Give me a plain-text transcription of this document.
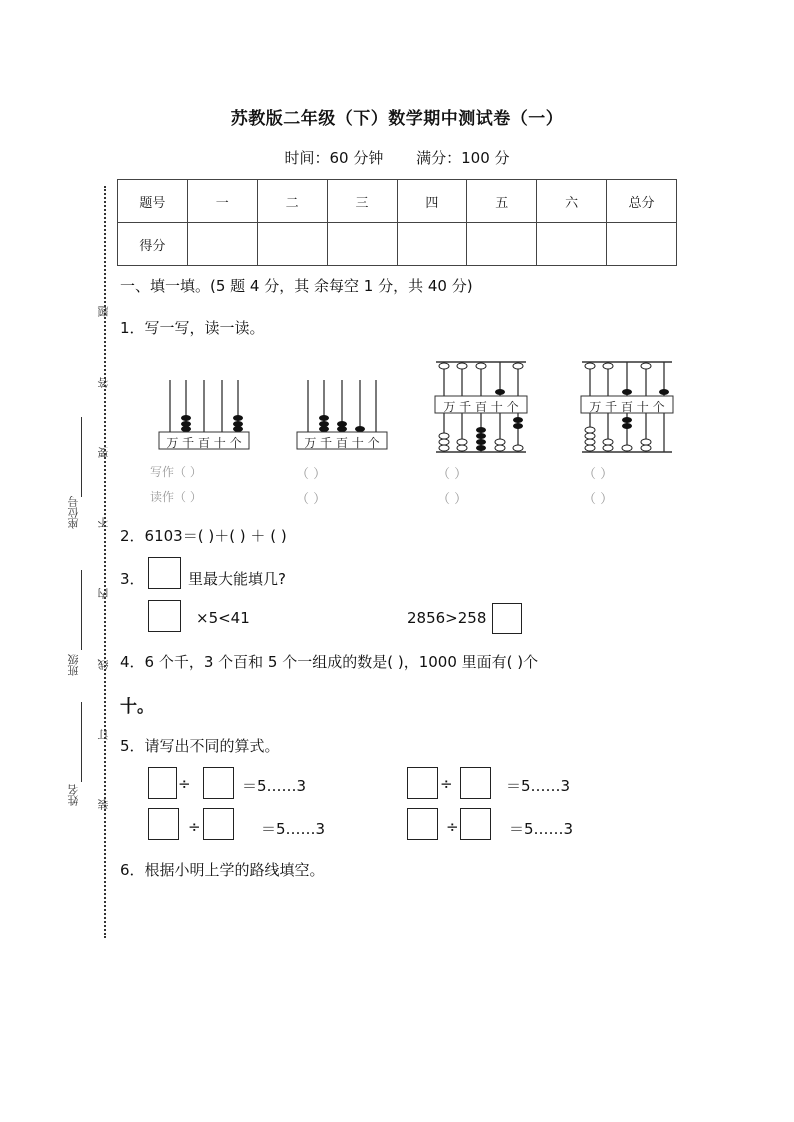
题
答
要
不
内
线
订
装
座位号
班级
姓名
苏教版二年级（下）数学期中测试卷（一）
时间：60 分钟 满分：100 分
题号	一	二	三	四	五	六	总分
得分							
一、填一填。(5 题 4 分，其 余每空 1 分，共 40 分)
1．写一写，读一读。
万 千 百 十 个	万 千 百 十 个
万 千 百 十 个	万 千 百 十 个
写作（ ）
读作（ ）
（ ）
（ ）
（ ）
（ ）
（ ）
（ ）
2．6103＝( )＋( ) ＋ ( )
3．	里最大能填几?
×5<41	2856>258
4．6 个千，3 个百和 5 个一组成的数是( )，1000 里面有( )个
十。
5．请写出不同的算式。
÷	＝5……3	÷	＝5……3
÷	＝5……3	÷	＝5……3
6．根据小明上学的路线填空。
